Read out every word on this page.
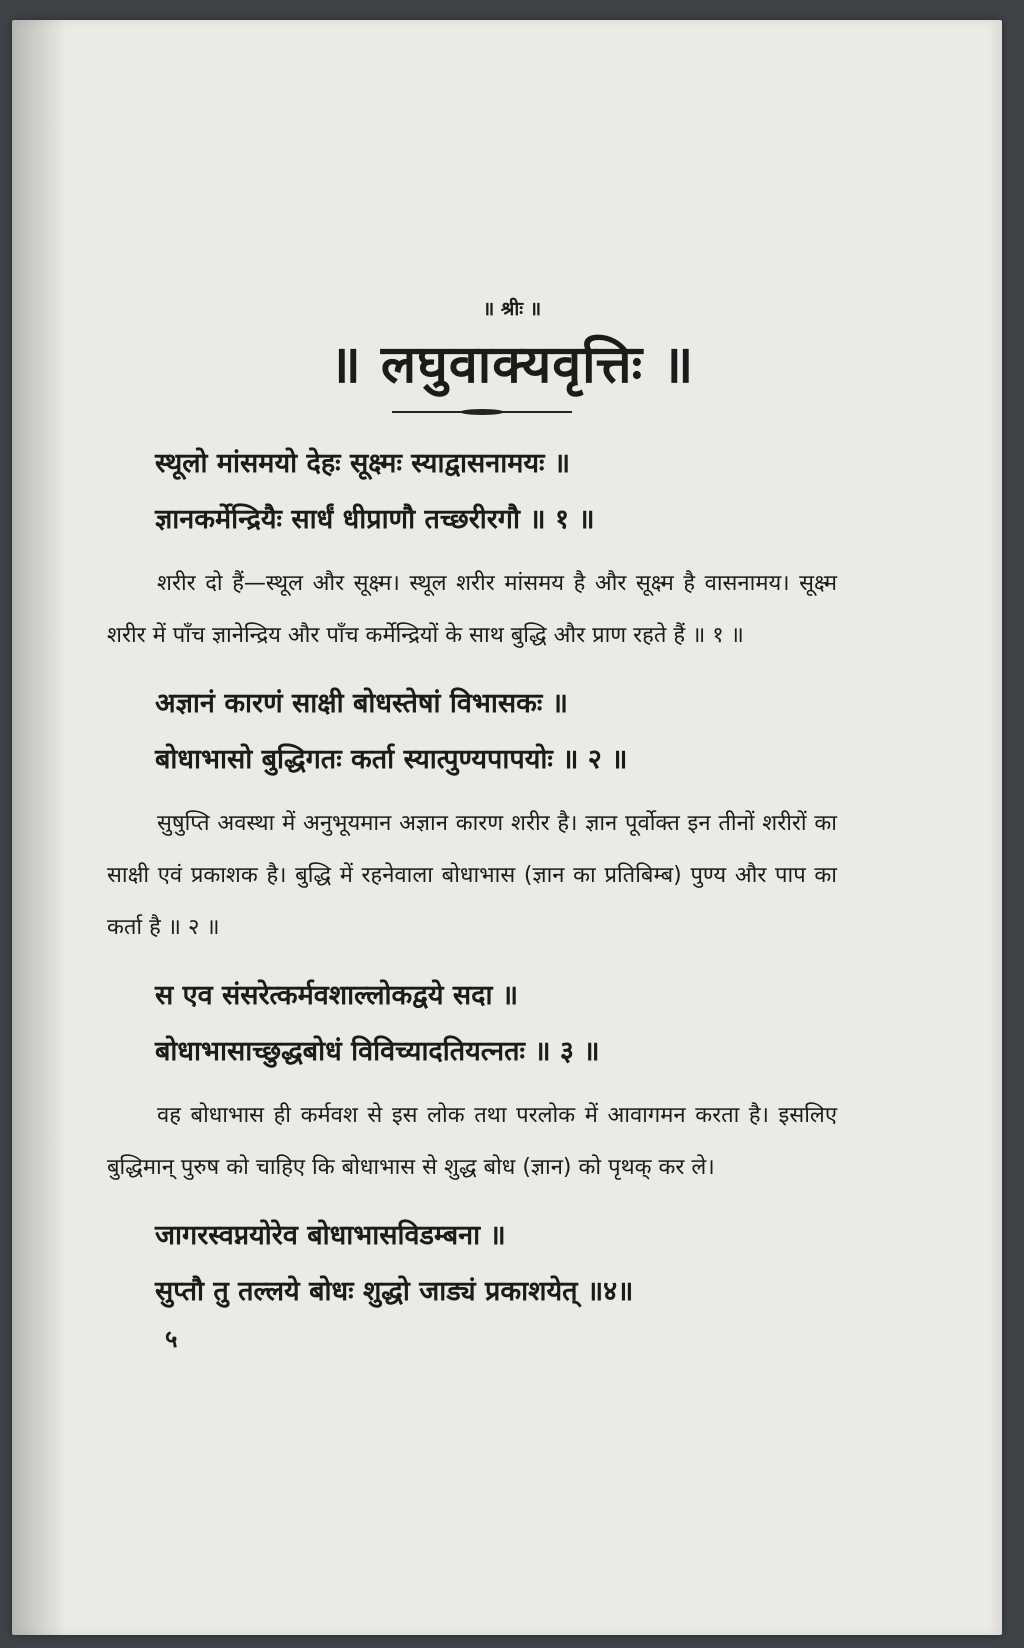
॥ श्रीः ॥
॥ लघुवाक्यवृत्तिः ॥
स्थूलो मांसमयो देहः सूक्ष्मः स्याद्वासनामयः ॥
ज्ञानकर्मेन्द्रियैः सार्धं धीप्राणौ तच्छरीरगौ ॥ १ ॥
शरीर दो हैं—स्थूल और सूक्ष्म। स्थूल शरीर मांसमय है और सूक्ष्म है वासनामय। सूक्ष्म शरीर में पाँच ज्ञानेन्द्रिय और पाँच कर्मेन्द्रियों के साथ बुद्धि और प्राण रहते हैं ॥ १ ॥
अज्ञानं कारणं साक्षी बोधस्तेषां विभासकः ॥
बोधाभासो बुद्धिगतः कर्ता स्यात्पुण्यपापयोः ॥ २ ॥
सुषुप्ति अवस्था में अनुभूयमान अज्ञान कारण शरीर है। ज्ञान पूर्वोक्त इन तीनों शरीरों का साक्षी एवं प्रकाशक है। बुद्धि में रहनेवाला बोधाभास (ज्ञान का प्रतिबिम्ब) पुण्य और पाप का कर्ता है ॥ २ ॥
स एव संसरेत्कर्मवशाल्लोकद्वये सदा ॥
बोधाभासाच्छुद्धबोधं विविच्यादतियत्नतः ॥ ३ ॥
वह बोधाभास ही कर्मवश से इस लोक तथा परलोक में आवागमन करता है। इसलिए बुद्धिमान् पुरुष को चाहिए कि बोधाभास से शुद्ध बोध (ज्ञान) को पृथक् कर ले।
जागरस्वप्नयोरेव बोधाभासविडम्बना ॥
सुप्तौ तु तल्लये बोधः शुद्धो जाड्यं प्रकाशयेत् ॥४॥
५
